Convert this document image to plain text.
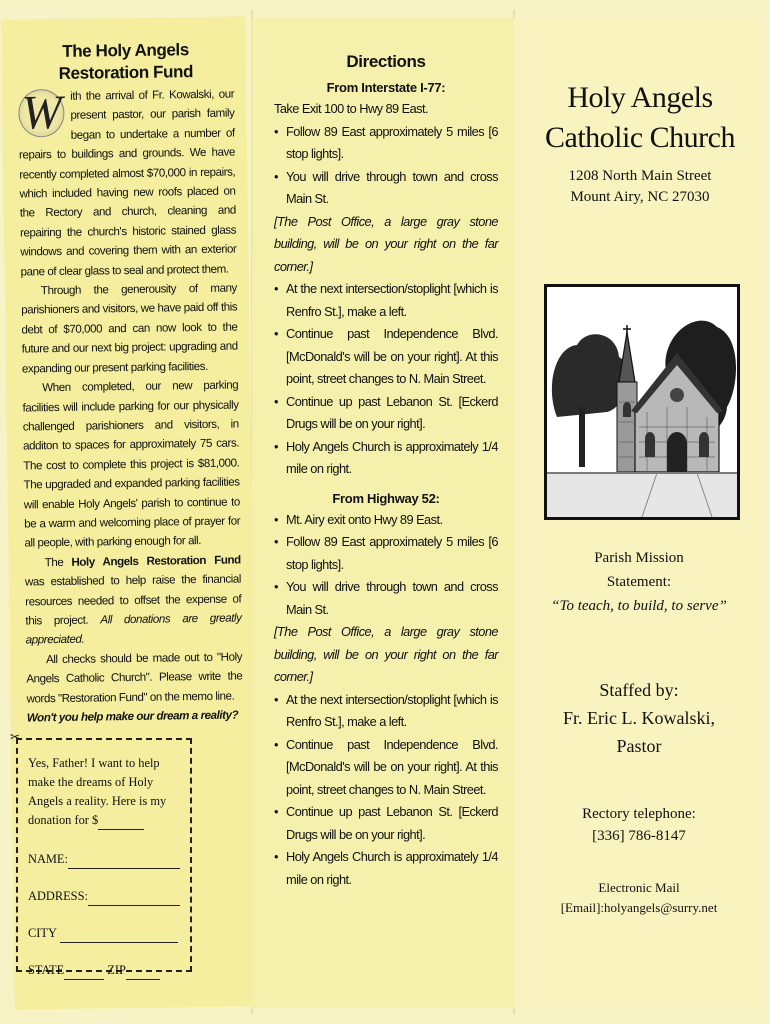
The Holy Angels
Restoration Fund
W ith the arrival of Fr. Kowalski, our present pastor, our parish family began to undertake a number of repairs to buildings and grounds. We have recently completed almost $70,000 in repairs, which included having new roofs placed on the Rectory and church, cleaning and repairing the church's historic stained glass windows and covering them with an exterior pane of clear glass to seal and protect them.

Through the generousity of many parishioners and visitors, we have paid off this debt of $70,000 and can now look to the future and our next big project: upgrading and expanding our present parking facilities.

When completed, our new parking facilities will include parking for our physically challenged parishioners and visitors, in additon to spaces for approximately 75 cars. The cost to complete this project is $81,000. The upgraded and expanded parking facilities will enable Holy Angels' parish to continue to be a warm and welcoming place of prayer for all people, with parking enough for all.

The Holy Angels Restoration Fund was established to help raise the financial resources needed to offset the expense of this project. All donations are greatly appreciated.

All checks should be made out to "Holy Angels Catholic Church". Please write the words "Restoration Fund" on the memo line.

Won't you help make our dream a reality?
✂
Yes, Father! I want to help make the dreams of Holy Angels a reality. Here is my donation for $
NAME:
ADDRESS:
CITY
STATE	ZIP
Directions
From Interstate I-77:
Take Exit 100 to Hwy 89 East.
• Follow 89 East approximately 5 miles [6 stop lights].
• You will drive through town and cross Main St.
[The Post Office, a large gray stone building, will be on your right on the far corner.]
• At the next intersection/stoplight [which is Renfro St.], make a left.
• Continue past Independence Blvd. [McDonald's will be on your right]. At this point, street changes to N. Main Street.
• Continue up past Lebanon St. [Eckerd Drugs will be on your right].
• Holy Angels Church is approximately 1/4 mile on right.
From Highway 52:
• Mt. Airy exit onto Hwy 89 East.
• Follow 89 East approximately 5 miles [6 stop lights].
• You will drive through town and cross Main St.
[The Post Office, a large gray stone building, will be on your right on the far corner.]
• At the next intersection/stoplight [which is Renfro St.], make a left.
• Continue past Independence Blvd. [McDonald's will be on your right]. At this point, street changes to N. Main Street.
• Continue up past Lebanon St. [Eckerd Drugs will be on your right].
• Holy Angels Church is approximately 1/4 mile on right.
Holy Angels
Catholic Church
1208 North Main Street
Mount Airy, NC 27030
Parish Mission
Statement:
“To teach, to build, to serve”
Staffed by:
Fr. Eric L. Kowalski,
Pastor
Rectory telephone:
[336] 786-8147
Electronic Mail
[Email]:holyangels@surry.net
